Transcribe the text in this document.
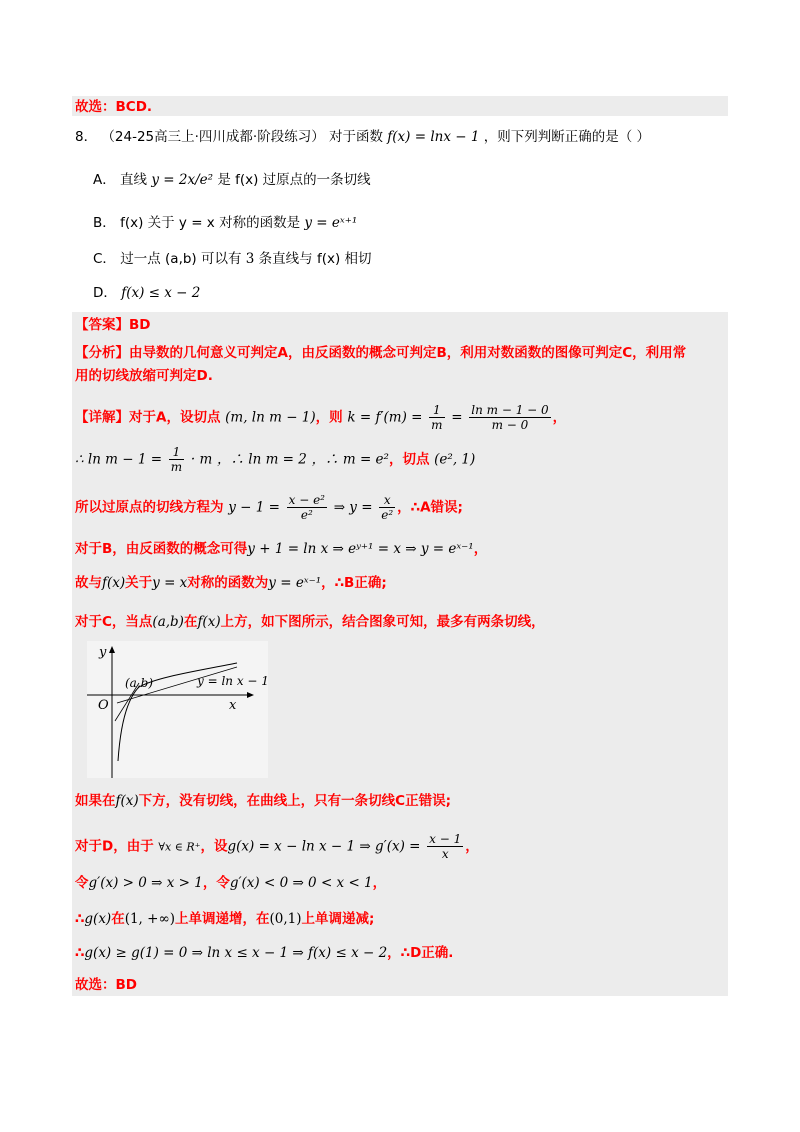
故选：BCD.
8． （24-25高三上·四川成都·阶段练习） 对于函数 f(x) = lnx − 1 ，则下列判断正确的是（ ）
A． 直线 y = 2x/e² 是 f(x) 过原点的一条切线
B． f(x) 关于 y = x 对称的函数是 y = eˣ⁺¹
C． 过一点 (a,b) 可以有 3 条直线与 f(x) 相切
D． f(x) ≤ x − 2
【答案】BD
【分析】由导数的几何意义可判定A，由反函数的概念可判定B，利用对数函数的图像可判定C，利用常
用的切线放缩可判定D.
【详解】对于A，设切点 (m, ln m − 1)，则 $k = f'(m) = \frac{1}{m} = \frac{\text{ln m − 1 − 0}}{m - 0}$ ，
∴ $\ln m - 1 = \frac{1}{m} \cdot m$ ，∴ ln m = 2 ，∴ m = e²，切点 (e², 1)
所以过原点的切线方程为 $y - 1 = \frac{\text{x − e²}}{\text{e²}}$ ⇒ $y = \frac{x}{\text{e²}}$ ，∴A错误;
对于B，由反函数的概念可得y + 1 = ln x ⇒ eʸ⁺¹ = x ⇒ y = eˣ⁻¹，
故与f(x)关于y = x对称的函数为y = eˣ⁻¹，∴B正确;
对于C，当点(a,b)在f(x)上方，如下图所示，结合图象可知，最多有两条切线，
y
x
O
(a,b)	y = ln x − 1
如果在f(x)下方，没有切线，在曲线上，只有一条切线C正错误;
对于D，由于 ∀x ∈ R⁺，设g(x) = x − ln x − 1 ⇒ $g'(x) = \frac{x - 1}{x}$ ，
令g′(x) > 0 ⇒ x > 1，令g′(x) < 0 ⇒ 0 < x < 1，
∴g(x)在(1, +∞)上单调递增，在(0,1)上单调递减;
∴g(x) ≥ g(1) = 0 ⇒ ln x ≤ x − 1 ⇒ f(x) ≤ x − 2，∴D正确.
故选：BD
